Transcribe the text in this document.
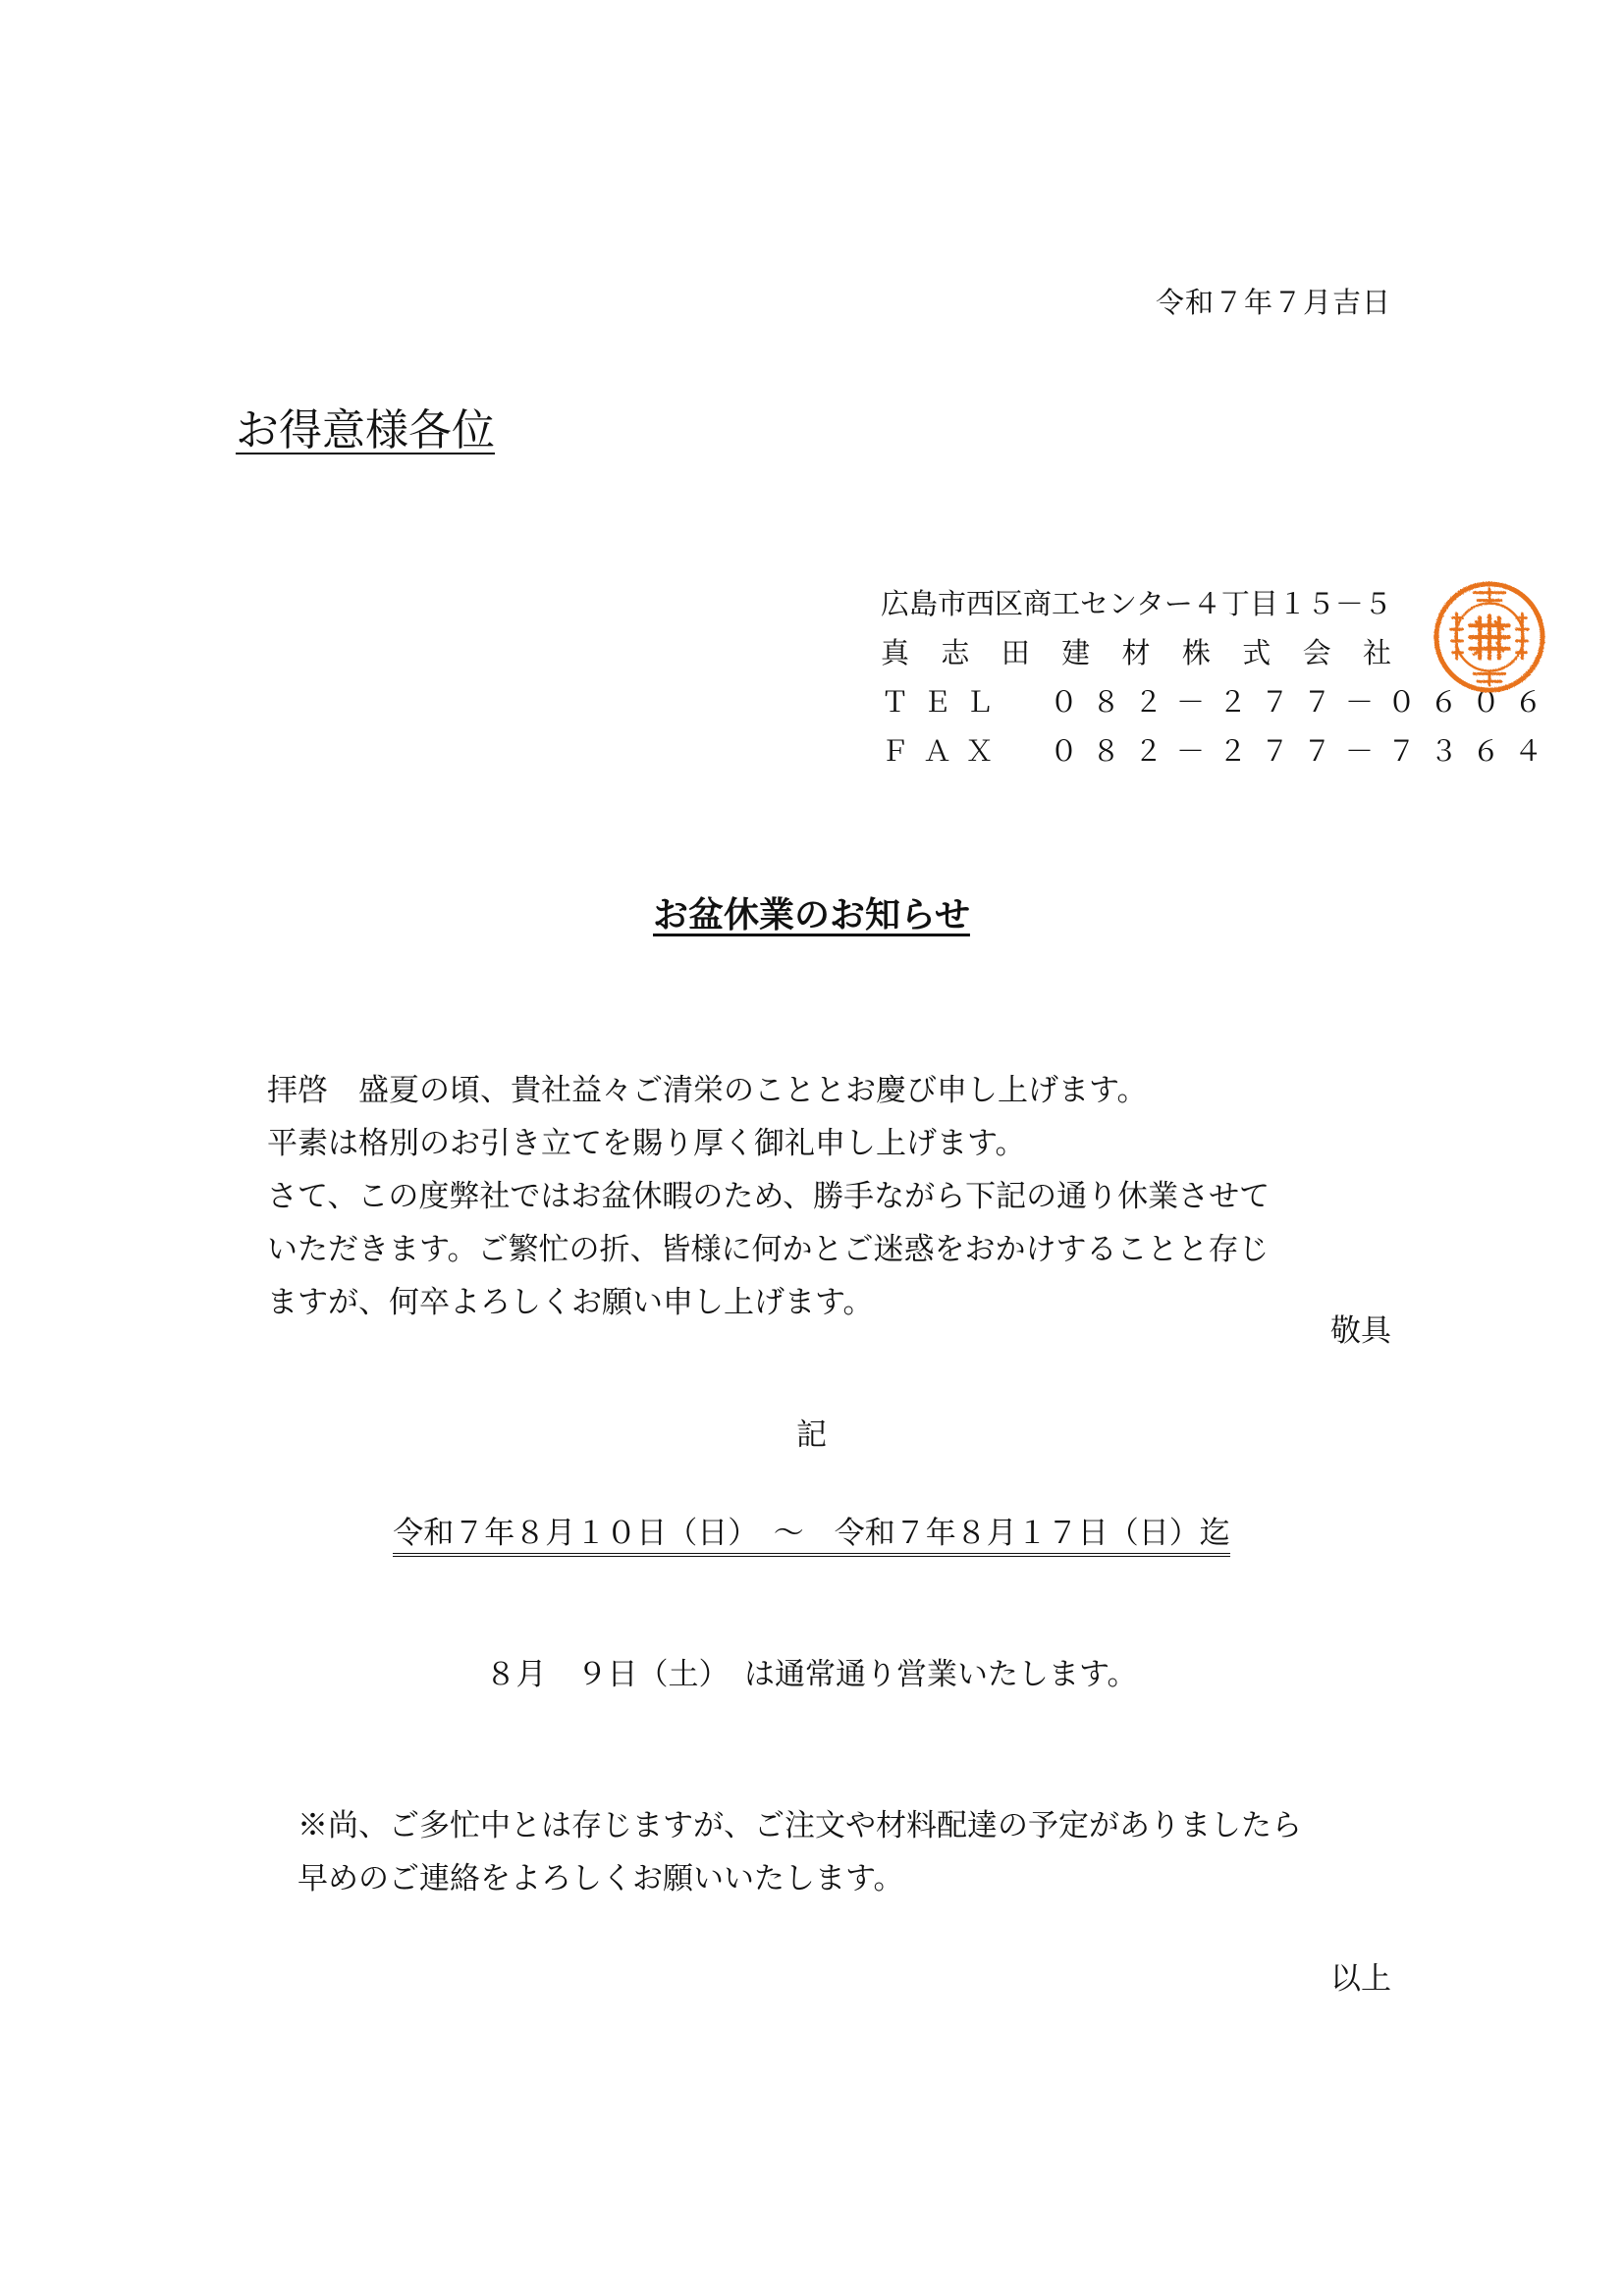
令和７年７月吉日
お得意様各位
広島市西区商工センター４丁目１５－５
真志田建材株式会社
ＴＥＬ　０８２－２７７－０６０６
ＦＡＸ　０８２－２７７－７３６４
お盆休業のお知らせ
拝啓　盛夏の頃、貴社益々ご清栄のこととお慶び申し上げます。
平素は格別のお引き立てを賜り厚く御礼申し上げます。
さて、この度弊社ではお盆休暇のため、勝手ながら下記の通り休業させて
いただきます。ご繁忙の折、皆様に何かとご迷惑をおかけすることと存じ
ますが、何卒よろしくお願い申し上げます。
敬具
記
令和７年８月１０日（日）　～　令和７年８月１７日（日）迄
８月　９日（土）　は通常通り営業いたします。
※尚、ご多忙中とは存じますが、ご注文や材料配達の予定がありましたら
早めのご連絡をよろしくお願いいたします。
以上
